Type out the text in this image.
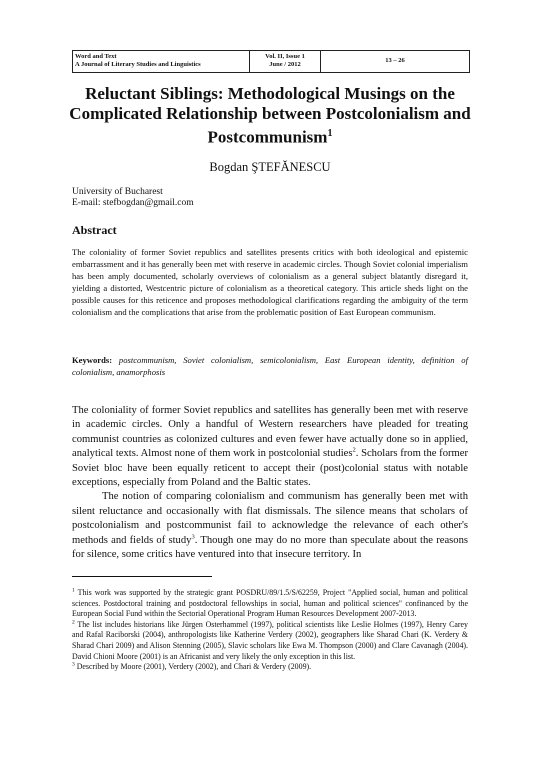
Word and Text
A Journal of Literary Studies and Linguistics
Vol. II, Issue 1
June / 2012
13 – 26
Reluctant Siblings: Methodological Musings on the
Complicated Relationship between Postcolonialism and
Postcommunism$^1$
Bogdan ŞTEFĂNESCU
University of Bucharest
E-mail: stefbogdan@gmail.com
Abstract
The coloniality of former Soviet republics and satellites presents critics with both ideological and epistemic embarrassment and it has generally been met with reserve in academic circles. Though Soviet colonial imperialism has been amply documented, scholarly overviews of colonialism as a general subject blatantly disregard it, yielding a distorted, Westcentric picture of colonialism as a theoretical category. This article sheds light on the possible causes for this reticence and proposes methodological clarifications regarding the ambiguity of the term colonialism and the complications that arise from the problematic position of East European communism.
Keywords: postcommunism, Soviet colonialism, semicolonialism, East European identity, definition of colonialism, anamorphosis

The coloniality of former Soviet republics and satellites has generally been met with reserve in academic circles. Only a handful of Western researchers have pleaded for treating communist countries as colonized cultures and even fewer have actually done so in applied, analytical texts. Almost none of them work in postcolonial studies$^2$. Scholars from the former Soviet bloc have been equally reticent to accept their (post)colonial status with notable exceptions, especially from Poland and the Baltic states.

The notion of comparing colonialism and communism has generally been met with silent reluctance and occasionally with flat dismissals. The silence means that scholars of postcolonialism and postcommunist fail to acknowledge the relevance of each other's methods and fields of study$^3$. Though one may do no more than speculate about the reasons for silence, some critics have ventured into that insecure territory. In

$^1$ This work was supported by the strategic grant POSDRU/89/1.5/S/62259, Project "Applied social, human and political sciences. Postdoctoral training and postdoctoral fellowships in social, human and political sciences" confinanced by the European Social Fund within the Sectorial Operational Program Human Resources Development 2007-2013.

$^2$ The list includes historians like Jürgen Osterhammel (1997), political scientists like Leslie Holmes (1997), Henry Carey and Rafal Raciborski (2004), anthropologists like Katherine Verdery (2002), geographers like Sharad Chari (K. Verdery & Sharad Chari 2009) and Alison Stenning (2005), Slavic scholars like Ewa M. Thompson (2000) and Clare Cavanagh (2004). David Chioni Moore (2001) is an Africanist and very likely the only exception in this list.

$^3$ Described by Moore (2001), Verdery (2002), and Chari & Verdery (2009).
